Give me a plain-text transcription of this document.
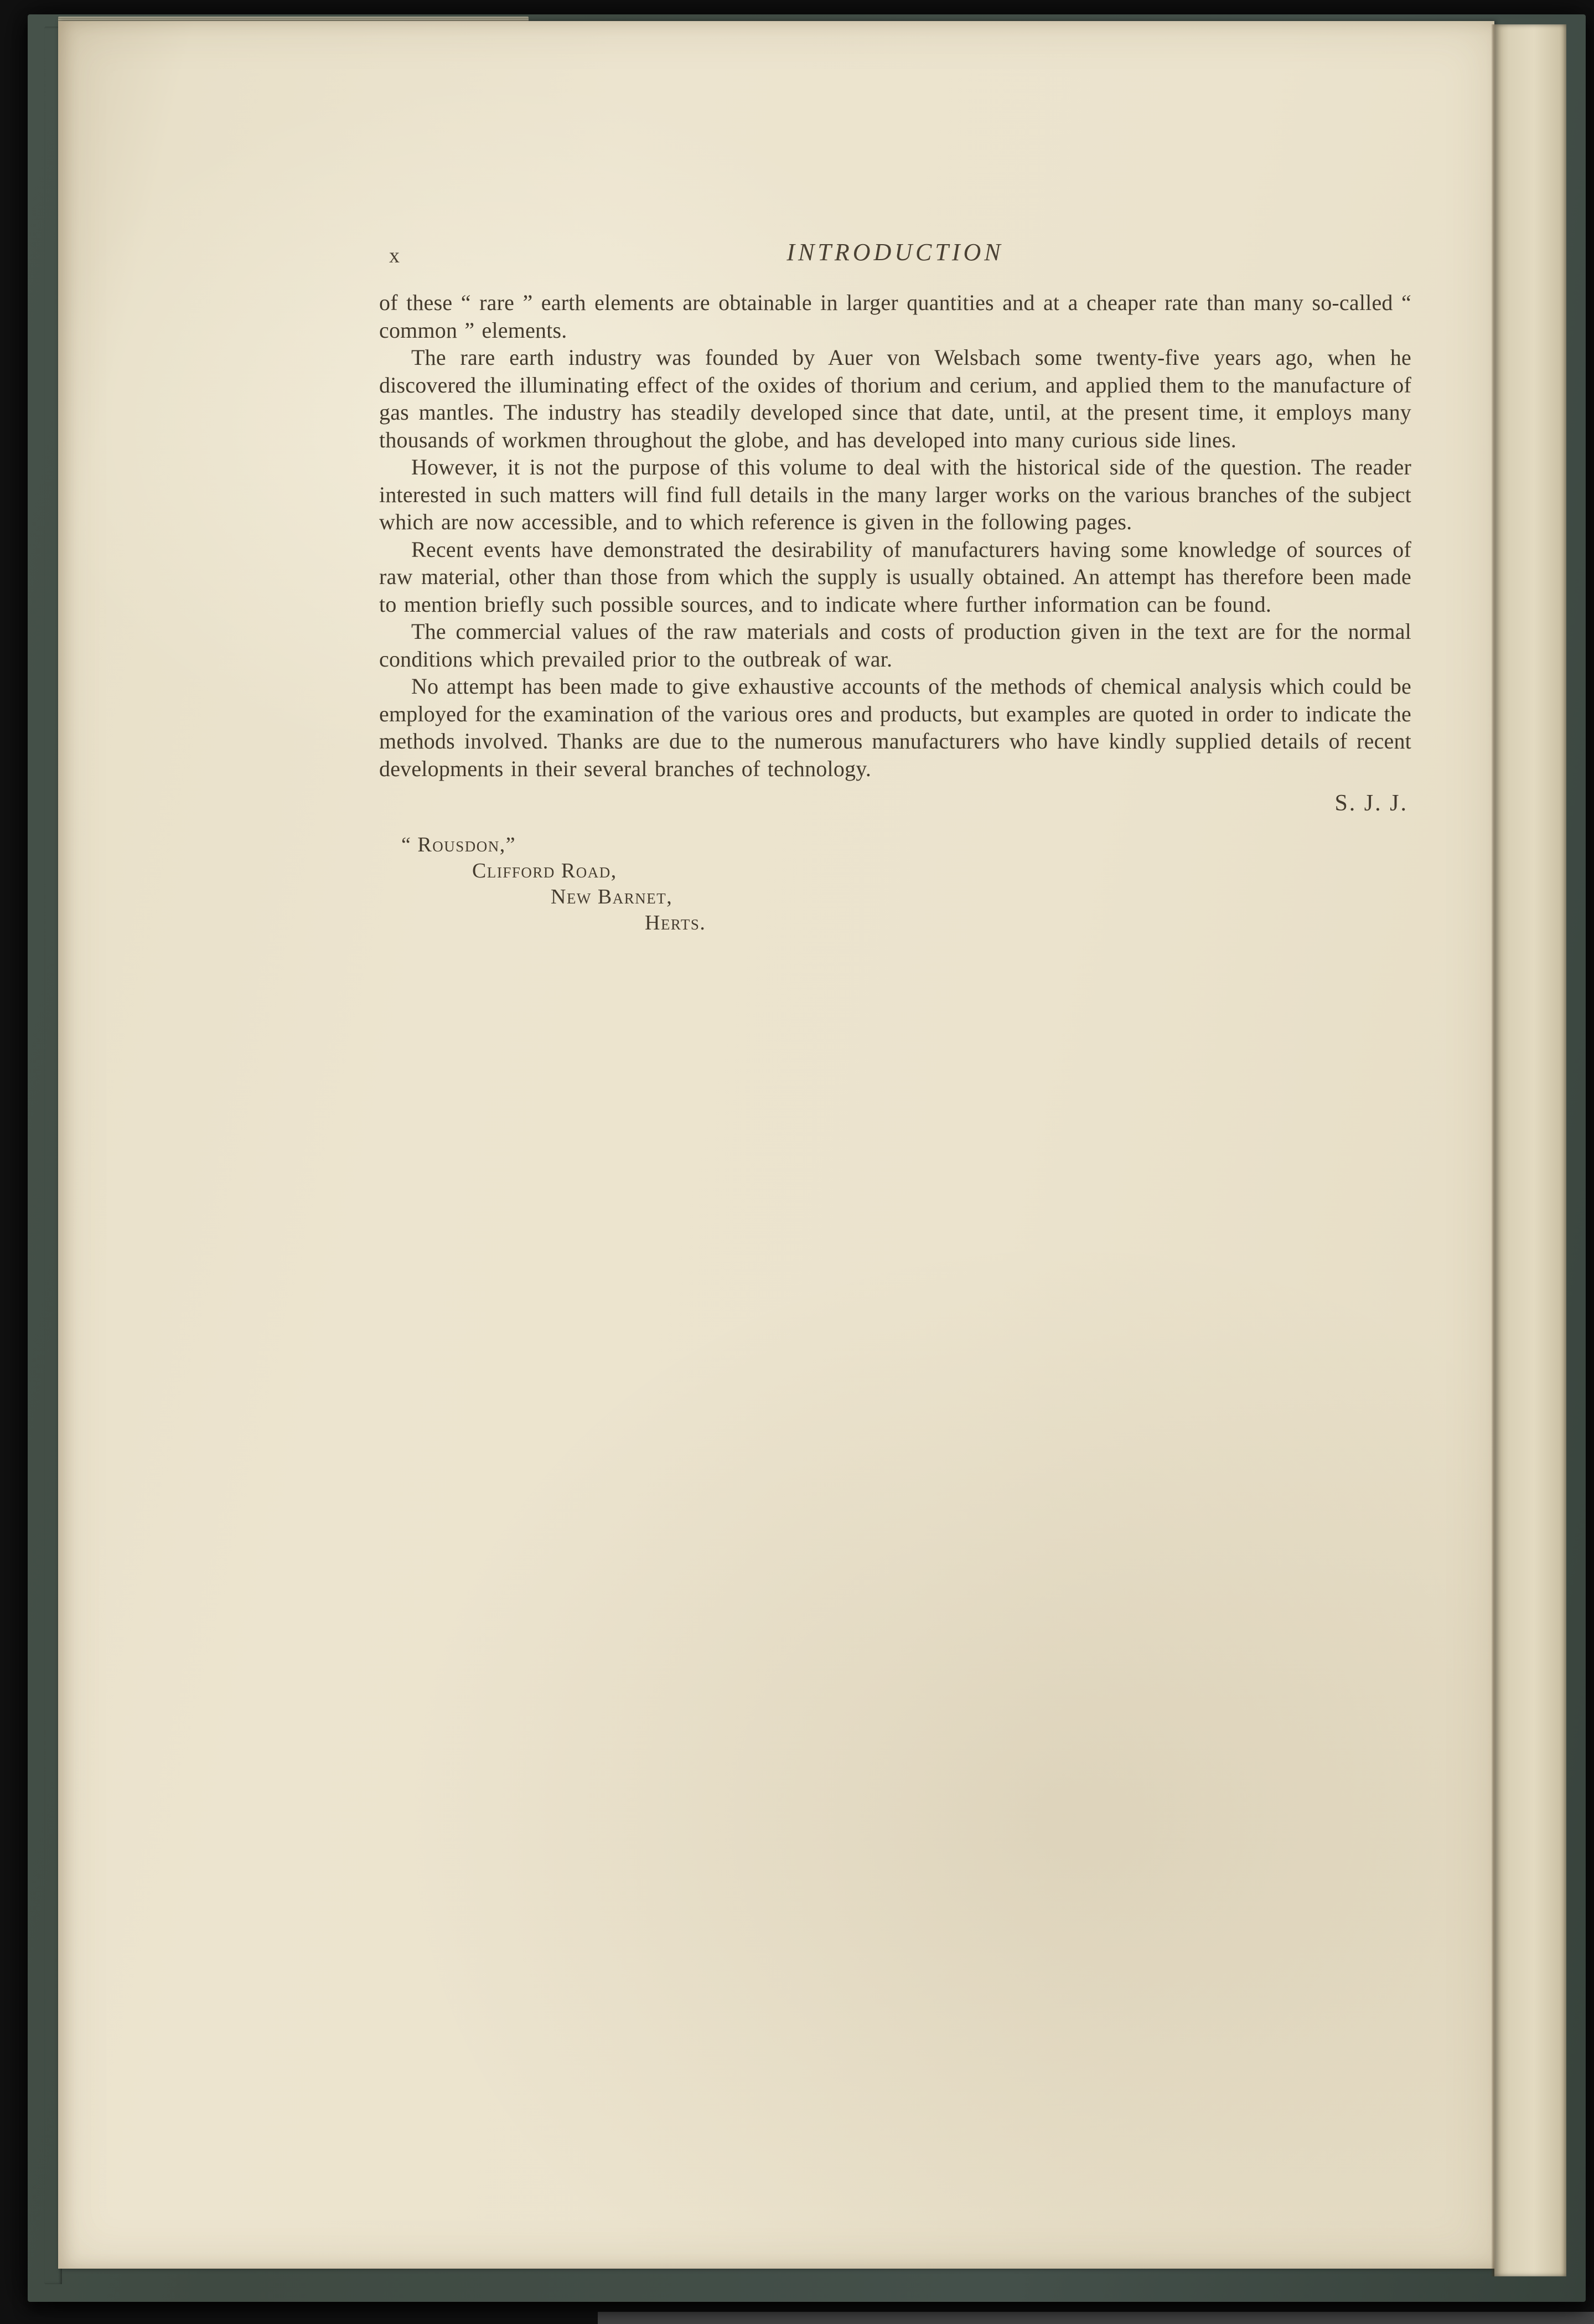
x	INTRODUCTION

of these “ rare ” earth elements are obtainable in larger quantities and at a cheaper rate than many so-called “ common ” elements.

The rare earth industry was founded by Auer von Welsbach some twenty-five years ago, when he discovered the illuminating effect of the oxides of thorium and cerium, and applied them to the manufacture of gas mantles. The industry has steadily developed since that date, until, at the present time, it employs many thousands of workmen throughout the globe, and has developed into many curious side lines.

However, it is not the purpose of this volume to deal with the historical side of the question. The reader interested in such matters will find full details in the many larger works on the various branches of the subject which are now accessible, and to which reference is given in the following pages.

Recent events have demonstrated the desirability of manufacturers having some knowledge of sources of raw material, other than those from which the supply is usually obtained. An attempt has therefore been made to mention briefly such possible sources, and to indicate where further information can be found.

The commercial values of the raw materials and costs of production given in the text are for the normal conditions which prevailed prior to the outbreak of war.

No attempt has been made to give exhaustive accounts of the methods of chemical analysis which could be employed for the examination of the various ores and products, but examples are quoted in order to indicate the methods involved. Thanks are due to the numerous manufacturers who have kindly supplied details of recent developments in their several branches of technology.

S. J. J.
“ Rousdon,”
Clifford Road,
New Barnet,
Herts.
